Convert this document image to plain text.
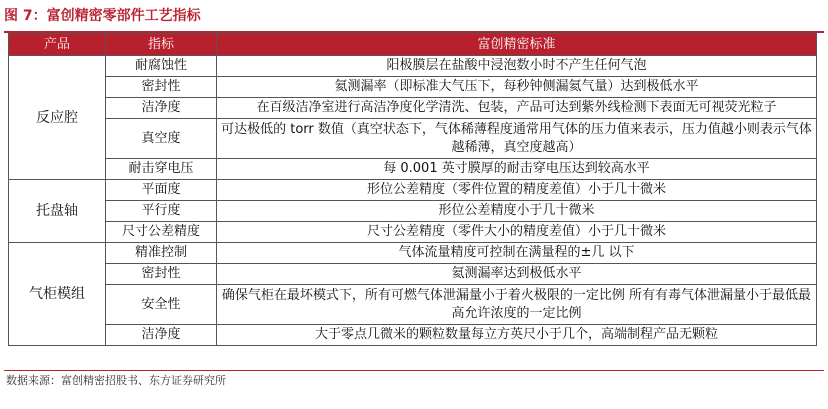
图 7：富创精密零部件工艺指标
产品	指标	富创精密标准
反应腔	耐腐蚀性	阳极膜层在盐酸中浸泡数小时不产生任何气泡
	密封性	氦测漏率（即标准大气压下，每秒钟侧漏氦气量）达到极低水平
	洁净度	在百级洁净室进行高洁净度化学清洗、包装，产品可达到紫外线检测下表面无可视荧光粒子
	真空度	可达极低的 torr 数值（真空状态下，气体稀薄程度通常用气体的压力值来表示，压力值越小则表示气体越稀薄，真空度越高）
	耐击穿电压	每 0.001 英寸膜厚的耐击穿电压达到较高水平
托盘轴	平面度	形位公差精度（零件位置的精度差值）小于几十微米
	平行度	形位公差精度小于几十微米
	尺寸公差精度	尺寸公差精度（零件大小的精度差值）小于几十微米
气柜模组	精准控制	气体流量精度可控制在满量程的±几 以下
	密封性	氦测漏率达到极低水平
	安全性	确保气柜在最坏模式下，所有可燃气体泄漏量小于着火极限的一定比例 所有有毒气体泄漏量小于最低最高允许浓度的一定比例
	洁净度	大于零点几微米的颗粒数量每立方英尺小于几个，高端制程产品无颗粒
数据来源：富创精密招股书、东方证券研究所
